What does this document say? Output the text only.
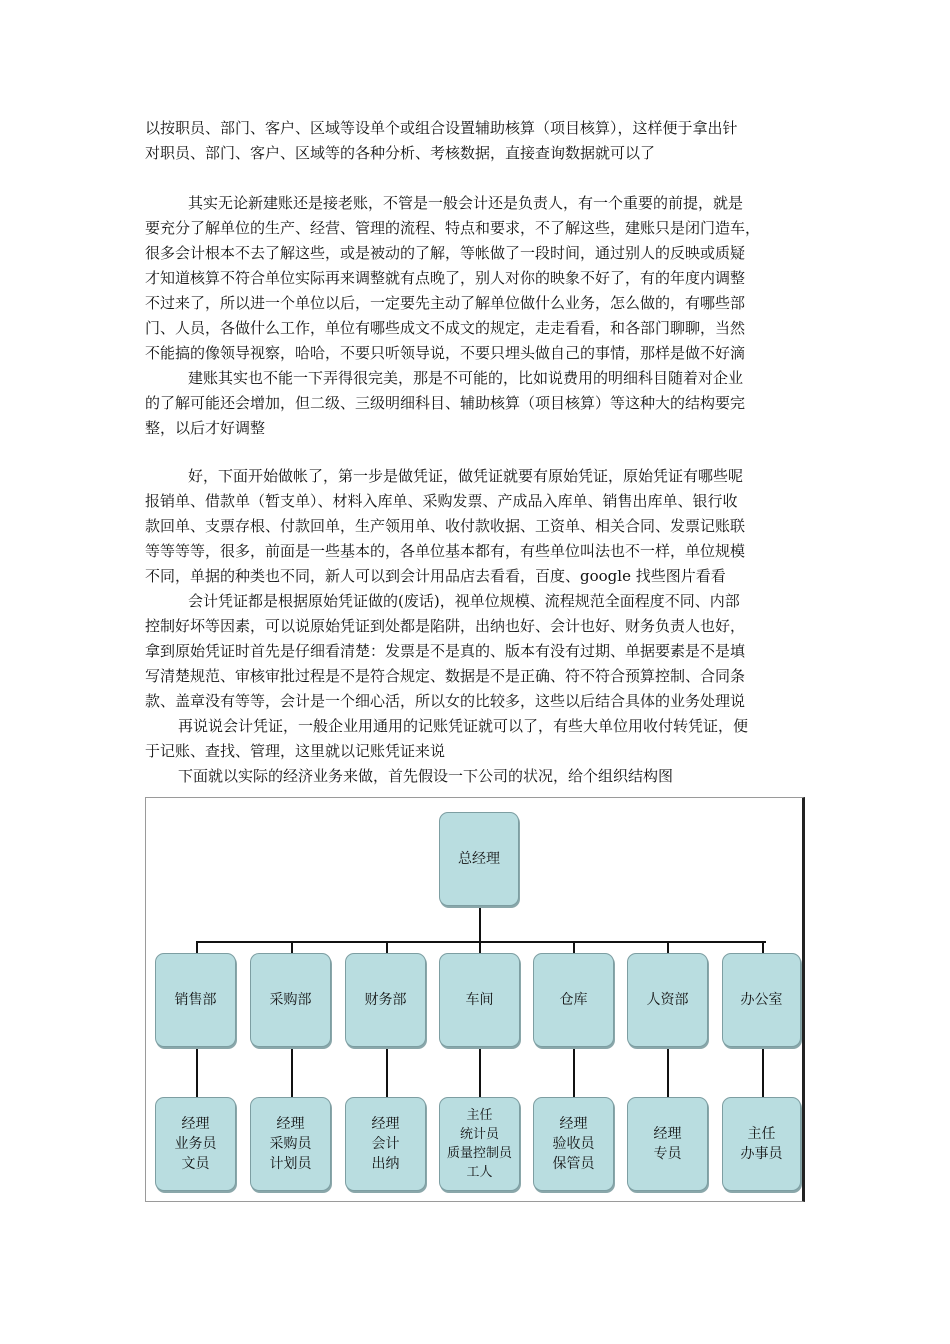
以按职员、部门、客户、区域等设单个或组合设置辅助核算（项目核算），这样便于拿出针
对职员、部门、客户、区域等的各种分析、考核数据，直接查询数据就可以了
其实无论新建账还是接老账，不管是一般会计还是负责人，有一个重要的前提，就是
要充分了解单位的生产、经营、管理的流程、特点和要求，不了解这些，建账只是闭门造车，
很多会计根本不去了解这些，或是被动的了解，等帐做了一段时间，通过别人的反映或质疑
才知道核算不符合单位实际再来调整就有点晚了，别人对你的映象不好了，有的年度内调整
不过来了，所以进一个单位以后，一定要先主动了解单位做什么业务，怎么做的，有哪些部
门、人员，各做什么工作，单位有哪些成文不成文的规定，走走看看，和各部门聊聊，当然
不能搞的像领导视察，哈哈，不要只听领导说，不要只埋头做自己的事情，那样是做不好滴
建账其实也不能一下弄得很完美，那是不可能的，比如说费用的明细科目随着对企业
的了解可能还会增加，但二级、三级明细科目、辅助核算（项目核算）等这种大的结构要完
整，以后才好调整
好，下面开始做帐了，第一步是做凭证，做凭证就要有原始凭证，原始凭证有哪些呢
报销单、借款单（暂支单）、材料入库单、采购发票、产成品入库单、销售出库单、银行收
款回单、支票存根、付款回单，生产领用单、收付款收据、工资单、相关合同、发票记账联
等等等等，很多，前面是一些基本的，各单位基本都有，有些单位叫法也不一样，单位规模
不同，单据的种类也不同，新人可以到会计用品店去看看，百度、google 找些图片看看
会计凭证都是根据原始凭证做的(废话)，视单位规模、流程规范全面程度不同、内部
控制好坏等因素，可以说原始凭证到处都是陷阱，出纳也好、会计也好、财务负责人也好，
拿到原始凭证时首先是仔细看清楚：发票是不是真的、版本有没有过期、单据要素是不是填
写清楚规范、审核审批过程是不是符合规定、数据是不是正确、符不符合预算控制、合同条
款、盖章没有等等，会计是一个细心活，所以女的比较多，这些以后结合具体的业务处理说
再说说会计凭证，一般企业用通用的记账凭证就可以了，有些大单位用收付转凭证，便
于记账、查找、管理，这里就以记账凭证来说
下面就以实际的经济业务来做，首先假设一下公司的状况，给个组织结构图
总经理
销售部	采购部	财务部	车间	仓库	人资部	办公室
经理
业务员
文员
经理
采购员
计划员
经理
会计
出纳
主任
统计员
质量控制员
工人
经理
验收员
保管员
经理
专员
主任
办事员
